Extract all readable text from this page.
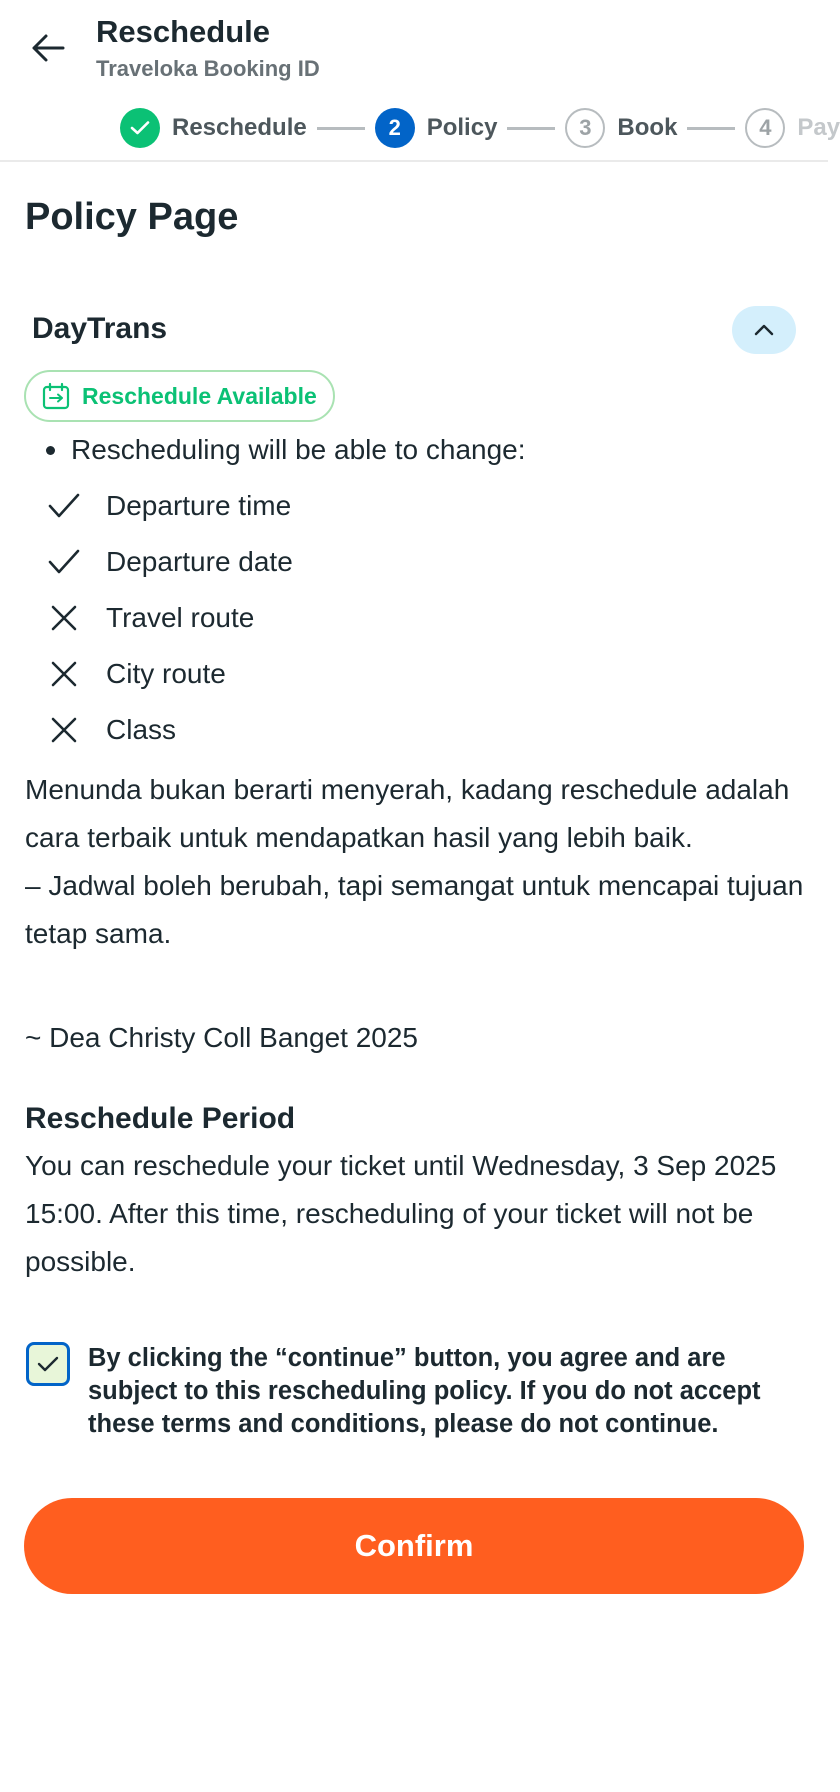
Reschedule
Traveloka Booking ID
Reschedule	2	Policy	3	Book	4	Pay
Policy Page
DayTrans
Reschedule Available
Rescheduling will be able to change:
Departure time
Departure date
Travel route
City route
Class
Menunda bukan berarti menyerah, kadang reschedule adalah cara terbaik untuk mendapatkan hasil yang lebih baik.
– Jadwal boleh berubah, tapi semangat untuk mencapai tujuan tetap sama.
~ Dea Christy Coll Banget 2025
Reschedule Period
You can reschedule your ticket until Wednesday, 3 Sep 2025 15:00. After this time, rescheduling of your ticket will not be possible.
By clicking the “continue” button, you agree and are subject to this rescheduling policy. If you do not accept these terms and conditions, please do not continue.
Confirm
